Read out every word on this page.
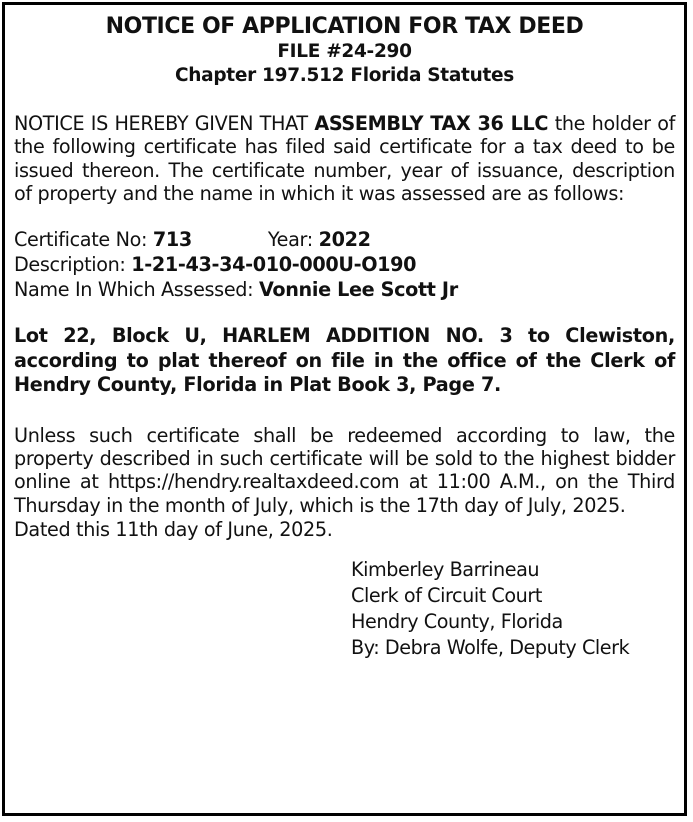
NOTICE OF APPLICATION FOR TAX DEED
FILE #24-290
Chapter 197.512 Florida Statutes
NOTICE IS HEREBY GIVEN THAT ASSEMBLY TAX 36 LLC the holder of the following certificate has filed said certificate for a tax deed to be issued thereon. The certificate number, year of issuance, description of property and the name in which it was assessed are as follows:
Certificate No: 713	Year: 2022
Description: 1-21-43-34-010-000U-O190
Name In Which Assessed: Vonnie Lee Scott Jr
Lot 22, Block U, HARLEM ADDITION NO. 3 to Clewiston, according to plat thereof on file in the office of the Clerk of Hendry County, Florida in Plat Book 3, Page 7.
Unless such certificate shall be redeemed according to law, the property described in such certificate will be sold to the highest bidder online at https://hendry.realtaxdeed.com at 11:00 A.M., on the Third Thursday in the month of July, which is the 17th day of July, 2025.
Dated this 11th day of June, 2025.
Kimberley Barrineau
Clerk of Circuit Court
Hendry County, Florida
By: Debra Wolfe, Deputy Clerk
